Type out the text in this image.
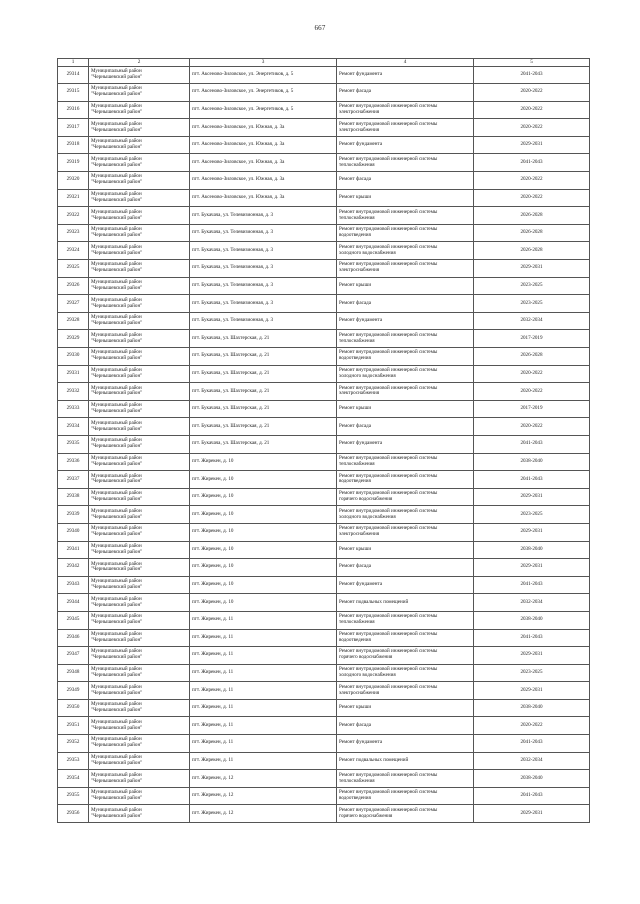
667
1	2	3	4	5
29314	Муниципальный район
"Чернышевский район"	пгт. Аксеново-Зиловское, ул. Энергетиков, д. 5	Ремонт фундамента	2041-2043
29315	Муниципальный район
"Чернышевский район"	пгт. Аксеново-Зиловское, ул. Энергетиков, д. 5	Ремонт фасада	2020-2022
29316	Муниципальный район
"Чернышевский район"	пгт. Аксеново-Зиловское, ул. Энергетиков, д. 5	Ремонт внутридомовой инженерной системы
электроснабжения	2020-2022
29317	Муниципальный район
"Чернышевский район"	пгт. Аксеново-Зиловское, ул. Южная, д. 3а	Ремонт внутридомовой инженерной системы
электроснабжения	2020-2022
29318	Муниципальный район
"Чернышевский район"	пгт. Аксеново-Зиловское, ул. Южная, д. 3а	Ремонт фундамента	2029-2031
29319	Муниципальный район
"Чернышевский район"	пгт. Аксеново-Зиловское, ул. Южная, д. 3а	Ремонт внутридомовой инженерной системы
теплоснабжения	2041-2043
29320	Муниципальный район
"Чернышевский район"	пгт. Аксеново-Зиловское, ул. Южная, д. 3а	Ремонт фасада	2020-2022
29321	Муниципальный район
"Чернышевский район"	пгт. Аксеново-Зиловское, ул. Южная, д. 3а	Ремонт крыши	2020-2022
29322	Муниципальный район
"Чернышевский район"	пгт. Букачача, ул. Телевизионная, д. 3	Ремонт внутридомовой инженерной системы
теплоснабжения	2026-2028
29323	Муниципальный район
"Чернышевский район"	пгт. Букачача, ул. Телевизионная, д. 3	Ремонт внутридомовой инженерной системы
водоотведения	2026-2028
29324	Муниципальный район
"Чернышевский район"	пгт. Букачача, ул. Телевизионная, д. 3	Ремонт внутридомовой инженерной системы
холодного водоснабжения	2026-2028
29325	Муниципальный район
"Чернышевский район"	пгт. Букачача, ул. Телевизионная, д. 3	Ремонт внутридомовой инженерной системы
электроснабжения	2029-2031
29326	Муниципальный район
"Чернышевский район"	пгт. Букачача, ул. Телевизионная, д. 3	Ремонт крыши	2023-2025
29327	Муниципальный район
"Чернышевский район"	пгт. Букачача, ул. Телевизионная, д. 3	Ремонт фасада	2023-2025
29328	Муниципальный район
"Чернышевский район"	пгт. Букачача, ул. Телевизионная, д. 3	Ремонт фундамента	2032-2034
29329	Муниципальный район
"Чернышевский район"	пгт. Букачача, ул. Шахтерская, д. 21	Ремонт внутридомовой инженерной системы
теплоснабжения	2017-2019
29330	Муниципальный район
"Чернышевский район"	пгт. Букачача, ул. Шахтерская, д. 21	Ремонт внутридомовой инженерной системы
водоотведения	2026-2028
29331	Муниципальный район
"Чернышевский район"	пгт. Букачача, ул. Шахтерская, д. 21	Ремонт внутридомовой инженерной системы
холодного водоснабжения	2020-2022
29332	Муниципальный район
"Чернышевский район"	пгт. Букачача, ул. Шахтерская, д. 21	Ремонт внутридомовой инженерной системы
электроснабжения	2020-2022
29333	Муниципальный район
"Чернышевский район"	пгт. Букачача, ул. Шахтерская, д. 21	Ремонт крыши	2017-2019
29334	Муниципальный район
"Чернышевский район"	пгт. Букачача, ул. Шахтерская, д. 21	Ремонт фасада	2020-2022
29335	Муниципальный район
"Чернышевский район"	пгт. Букачача, ул. Шахтерская, д. 21	Ремонт фундамента	2041-2043
29336	Муниципальный район
"Чернышевский район"	пгт. Жирекен, д. 10	Ремонт внутридомовой инженерной системы
теплоснабжения	2038-2040
29337	Муниципальный район
"Чернышевский район"	пгт. Жирекен, д. 10	Ремонт внутридомовой инженерной системы
водоотведения	2041-2043
29338	Муниципальный район
"Чернышевский район"	пгт. Жирекен, д. 10	Ремонт внутридомовой инженерной системы
горячего водоснабжения	2029-2031
29339	Муниципальный район
"Чернышевский район"	пгт. Жирекен, д. 10	Ремонт внутридомовой инженерной системы
холодного водоснабжения	2023-2025
29340	Муниципальный район
"Чернышевский район"	пгт. Жирекен, д. 10	Ремонт внутридомовой инженерной системы
электроснабжения	2029-2031
29341	Муниципальный район
"Чернышевский район"	пгт. Жирекен, д. 10	Ремонт крыши	2038-2040
29342	Муниципальный район
"Чернышевский район"	пгт. Жирекен, д. 10	Ремонт фасада	2029-2031
29343	Муниципальный район
"Чернышевский район"	пгт. Жирекен, д. 10	Ремонт фундамента	2041-2043
29344	Муниципальный район
"Чернышевский район"	пгт. Жирекен, д. 10	Ремонт подвальных помещений	2032-2034
29345	Муниципальный район
"Чернышевский район"	пгт. Жирекен, д. 11	Ремонт внутридомовой инженерной системы
теплоснабжения	2038-2040
29346	Муниципальный район
"Чернышевский район"	пгт. Жирекен, д. 11	Ремонт внутридомовой инженерной системы
водоотведения	2041-2043
29347	Муниципальный район
"Чернышевский район"	пгт. Жирекен, д. 11	Ремонт внутридомовой инженерной системы
горячего водоснабжения	2029-2031
29348	Муниципальный район
"Чернышевский район"	пгт. Жирекен, д. 11	Ремонт внутридомовой инженерной системы
холодного водоснабжения	2023-2025
29349	Муниципальный район
"Чернышевский район"	пгт. Жирекен, д. 11	Ремонт внутридомовой инженерной системы
электроснабжения	2029-2031
29350	Муниципальный район
"Чернышевский район"	пгт. Жирекен, д. 11	Ремонт крыши	2038-2040
29351	Муниципальный район
"Чернышевский район"	пгт. Жирекен, д. 11	Ремонт фасада	2020-2022
29352	Муниципальный район
"Чернышевский район"	пгт. Жирекен, д. 11	Ремонт фундамента	2041-2043
29353	Муниципальный район
"Чернышевский район"	пгт. Жирекен, д. 11	Ремонт подвальных помещений	2032-2034
29354	Муниципальный район
"Чернышевский район"	пгт. Жирекен, д. 12	Ремонт внутридомовой инженерной системы
теплоснабжения	2038-2040
29355	Муниципальный район
"Чернышевский район"	пгт. Жирекен, д. 12	Ремонт внутридомовой инженерной системы
водоотведения	2041-2043
29356	Муниципальный район
"Чернышевский район"	пгт. Жирекен, д. 12	Ремонт внутридомовой инженерной системы
горячего водоснабжения	2029-2031
